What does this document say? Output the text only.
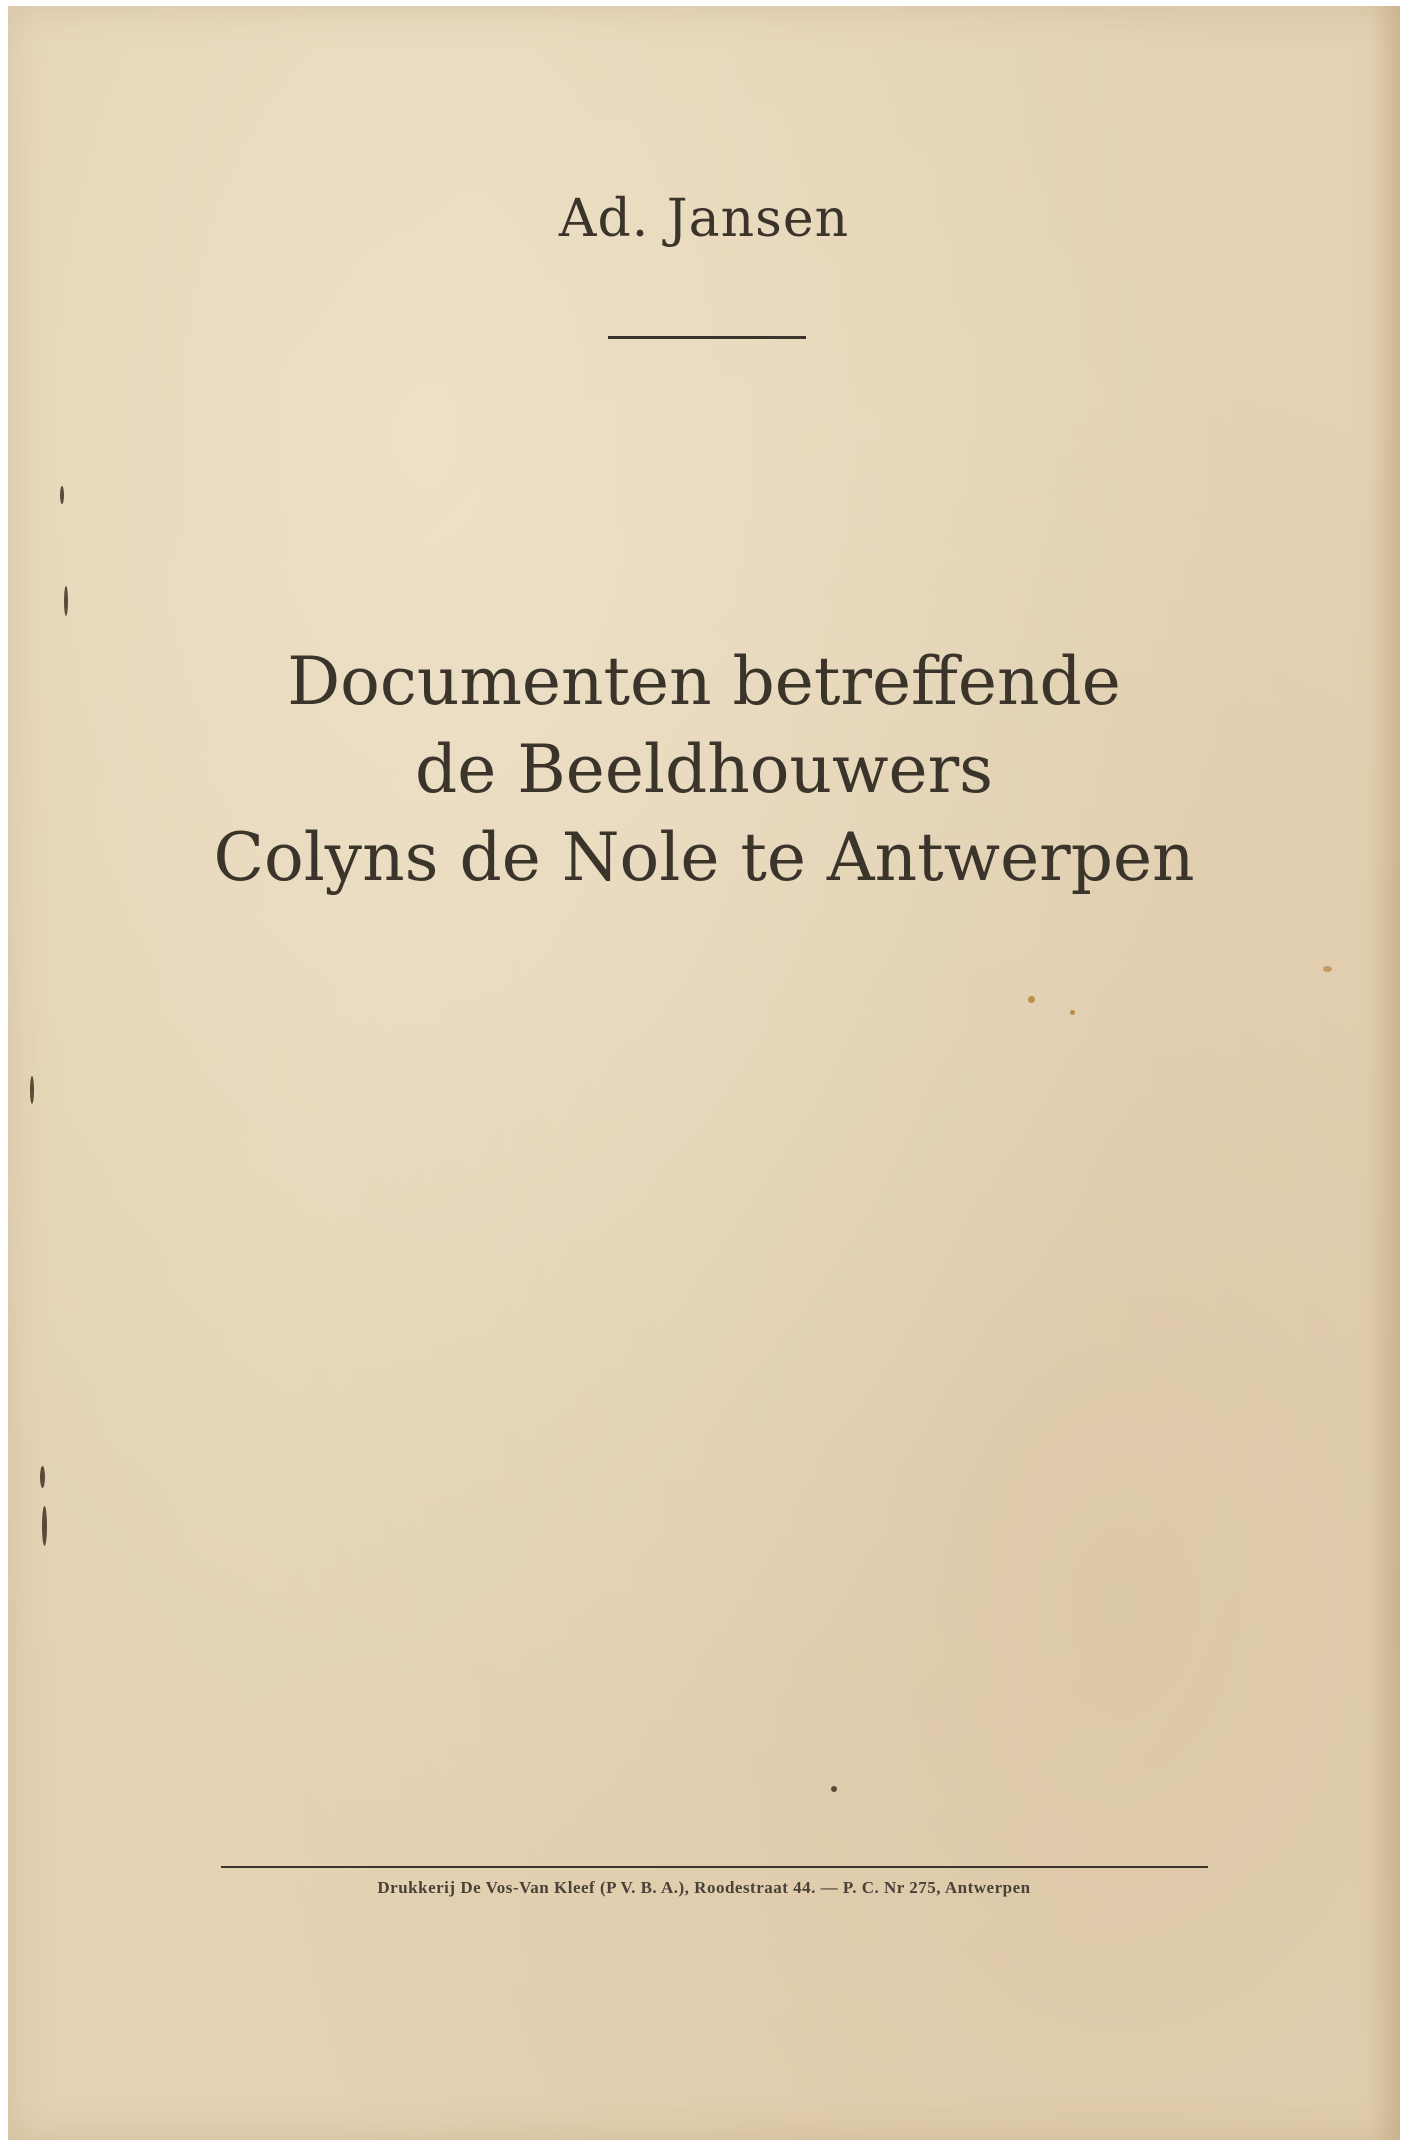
Ad. Jansen
Documenten betreffende
de Beeldhouwers
Colyns de Nole te Antwerpen
Drukkerij De Vos-Van Kleef (P V. B. A.), Roodestraat 44. — P. C. Nr 275, Antwerpen
